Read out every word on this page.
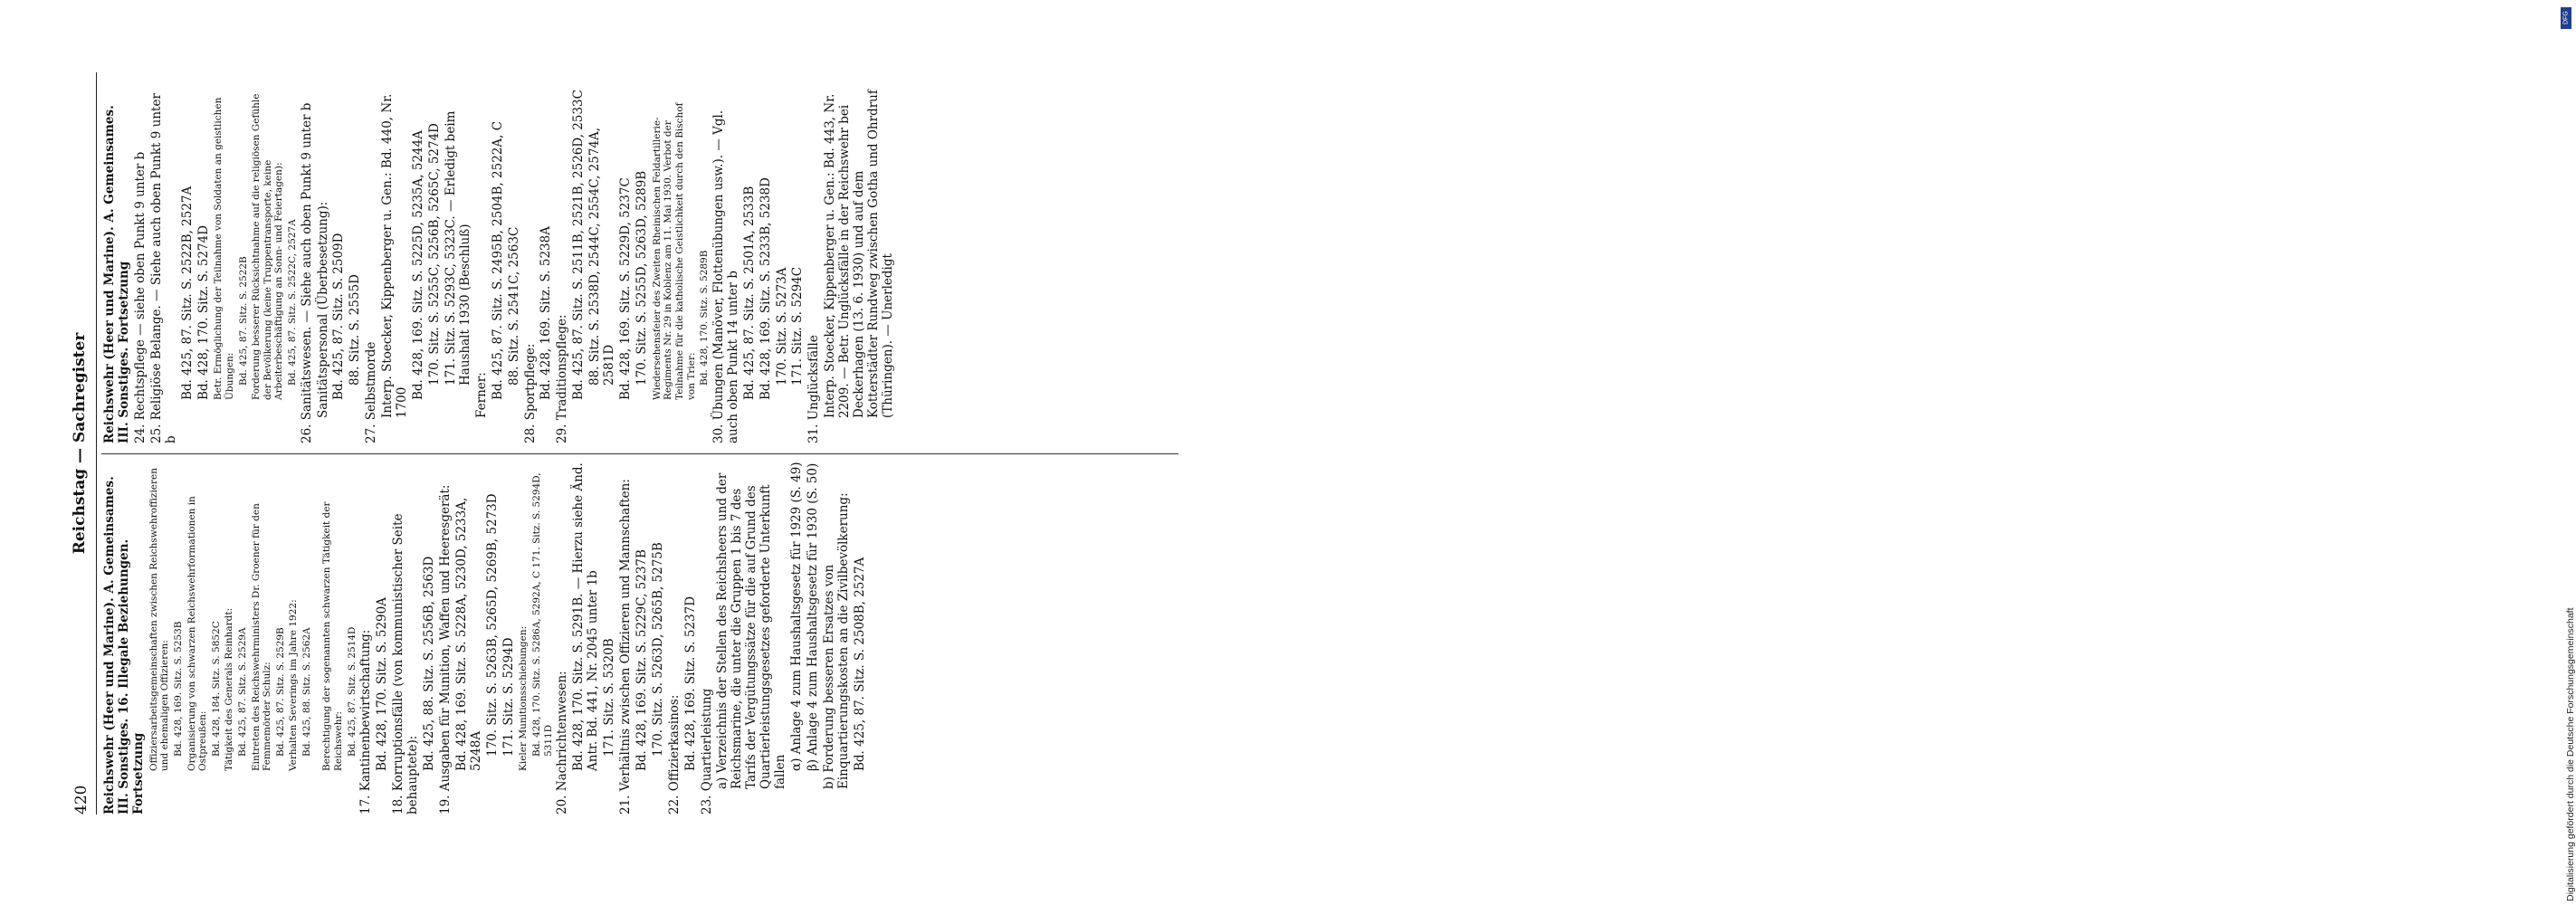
420
Reichstag — Sachregister
Reichswehr (Heer und Marine). A. Gemeinsames. III. Sonstiges. 16. Illegale Beziehungen. Fortsetzung
Offiziersarbeitsgemeinschaften zwischen Reichswehroffizieren und ehemaligen Offizieren: Bd. 428, 169. Sitz. S. 5253B Organisierung von schwarzen Reichswehrformationen in Ostpreußen: Bd. 428, 184. Sitz. S. 5852C Tätigkeit des Generals Reinhardt: Bd. 425, 87. Sitz. S. 2529A Eintreten des Reichswehrministers Dr. Groener für den Femmemörder Schulz: Bd. 425, 87. Sitz. S. 2529B Verhalten Severings im Jahre 1922: Bd. 425, 88. Sitz. S. 2562A Berechtigung der sogenannten schwarzen Tätigkeit der Reichswehr: Bd. 425, 87. Sitz. S. 2514D 17. Kantinenbewirtschaftung: Bd. 428, 170. Sitz. S. 5290A 18. Korruptionsfälle (von kommunistischer Seite behauptete):
Bd. 425, 88. Sitz. S. 2556B, 2563D 19. Ausgaben für Munition, Waffen und Heeresgerät: Bd. 428, 169. Sitz. S. 5228A, 5230D, 5233A, 5248A 170. Sitz. S. 5263B, 5265D, 5269B, 5273D 171. Sitz. S. 5294D Kieler Munitionsschiebungen: Bd. 428, 170. Sitz. S. 5286A, 5292A, C 171. Sitz. S. 5294D, 5311D 20. Nachrichtenwesen: Bd. 428, 170. Sitz. S. 5291B. — Hierzu siehe Änd. Antr. Bd. 441, Nr. 2045 unter 1b 171. Sitz. S. 5320B 21. Verhältnis zwischen Offizieren und Mannschaften: Bd. 428, 169. Sitz. S. 5229C, 5237B 170. Sitz. S. 5263D, 5265B, 5275B 22. Offizierkasinos: Bd. 428, 169. Sitz. S. 5237D 23. Quartierleistung a) Verzeichnis der Stellen des Reichsheers und der Reichsmarine, die unter die Gruppen 1 bis 7 des Tarifs der Vergütungssätze für die auf Grund des Quartierleistungsgesetzes geforderte Unterkunft fallen
α) Anlage 4 zum Haushaltsgesetz für 1929 (S. 49) β) Anlage 4 zum Haushaltsgesetz für 1930 (S. 50) b) Forderung besseren Ersatzes von Einquartierungskosten an die Zivilbevölkerung: Bd. 425, 87. Sitz. S. 2508B, 2527A
Reichswehr (Heer und Marine). A. Gemeinsames. III. Sonstiges. Fortsetzung 24. Rechtspflege — siehe oben Punkt 9 unter b 25. Religiöse Belange. — Siehe auch oben Punkt 9 unter b
Bd. 425, 87. Sitz. S. 2522B, 2527A Bd. 428, 170. Sitz. S. 5274D Betr. Ermöglichung der Teilnahme von Soldaten an geistlichen Übungen: Bd. 425, 87. Sitz. S. 2522B Forderung besserer Rücksichtnahme auf die religiösen Gefühle der Bevölkerung (keine Truppentransporte, keine Arbeiterbeschäftigung an Sonn- und Feiertagen): Bd. 425, 87. Sitz. S. 2522C, 2527A 26. Sanitätswesen. — Siehe auch oben Punkt 9 unter b Sanitätspersonal (Überbesetzung): Bd. 425, 87. Sitz. S. 2509D 88. Sitz. S. 2555D
27. Selbstmorde Interp. Stoecker, Kippenberger u. Gen.: Bd. 440, Nr. 1700
Bd. 428, 169. Sitz. S. 5225D, 5235A, 5244A 170. Sitz. S. 5255C, 5256B, 5265C, 5274D 171. Sitz. S. 5293C, 5323C. — Erledigt beim Haushalt 1930 (Beschluß)
Ferner: Bd. 425, 87. Sitz. S. 2495B, 2504B, 2522A, C 88. Sitz. S. 2541C, 2563C
28. Sportpflege: Bd. 428, 169. Sitz. S. 5238A 29. Traditionspflege: Bd. 425, 87. Sitz. S. 2511B, 2521B, 2526D, 2533C 88. Sitz. S. 2538D, 2544C, 2554C, 2574A, 2581D Bd. 428, 169. Sitz. S. 5229D, 5237C 170. Sitz. S. 5255D, 5263D, 5289B Wiedersehensfeier des Zweiten Rheinischen Feldartillerie-Regiments Nr. 29 in Koblenz am 11. Mai 1930. Verbot der Teilnahme für die katholische Geistlichkeit durch den Bischof von Trier: Bd. 428, 170. Sitz. S. 5289B 30. Übungen (Manöver, Flottenübungen usw.). — Vgl. auch oben Punkt 14 unter b Bd. 425, 87. Sitz. S. 2501A, 2533B Bd. 428, 169. Sitz. S. 5233B, 5238D 170. Sitz. S. 5273A 171. Sitz. S. 5294C
31. Unglücksfälle Interp. Stoecker, Kippenberger u. Gen.: Bd. 443, Nr. 2209. — Betr. Unglücksfälle in der Reichswehr bei Deckerhagen (13. 6. 1930) und auf dem Kotterstädter Rundweg zwischen Gotha und Ohrdruf (Thüringen). — Unerledigt
DFG
Digitalisierung gefördert durch die Deutsche Forschungsgemeinschaft
